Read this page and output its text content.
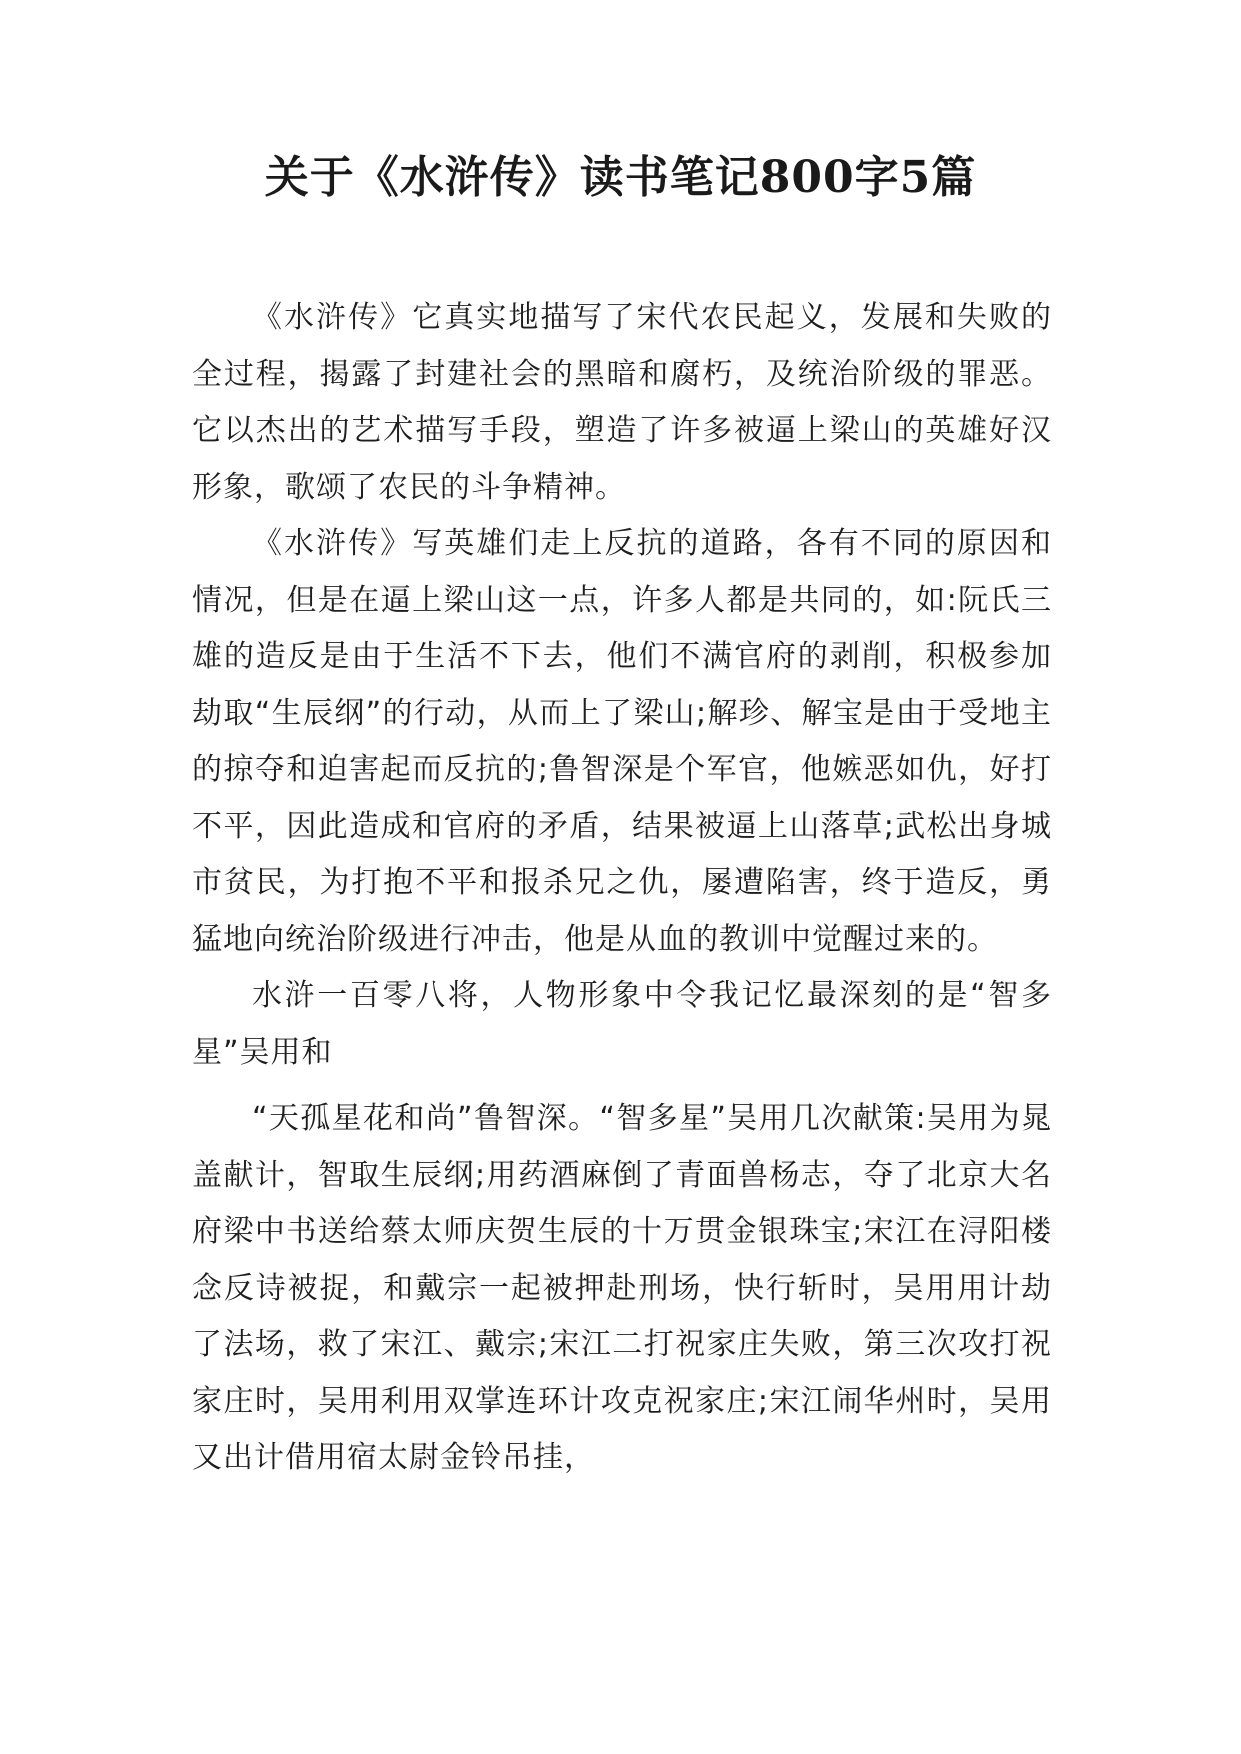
关于《水浒传》读书笔记800字5篇

《水浒传》它真实地描写了宋代农民起义，发展和失败的全过程，揭露了封建社会的黑暗和腐朽，及统治阶级的罪恶。它以杰出的艺术描写手段，塑造了许多被逼上梁山的英雄好汉形象，歌颂了农民的斗争精神。

《水浒传》写英雄们走上反抗的道路，各有不同的原因和情况，但是在逼上梁山这一点，许多人都是共同的，如:阮氏三雄的造反是由于生活不下去，他们不满官府的剥削，积极参加劫取“生辰纲”的行动，从而上了梁山;解珍、解宝是由于受地主的掠夺和迫害起而反抗的;鲁智深是个军官，他嫉恶如仇，好打不平，因此造成和官府的矛盾，结果被逼上山落草;武松出身城市贫民，为打抱不平和报杀兄之仇，屡遭陷害，终于造反，勇猛地向统治阶级进行冲击，他是从血的教训中觉醒过来的。

水浒一百零八将，人物形象中令我记忆最深刻的是“智多星”吴用和

“天孤星花和尚”鲁智深。“智多星”吴用几次献策:吴用为晁盖献计，智取生辰纲;用药酒麻倒了青面兽杨志，夺了北京大名府梁中书送给蔡太师庆贺生辰的十万贯金银珠宝;宋江在浔阳楼念反诗被捉，和戴宗一起被押赴刑场，快行斩时，吴用用计劫了法场，救了宋江、戴宗;宋江二打祝家庄失败，第三次攻打祝家庄时，吴用利用双掌连环计攻克祝家庄;宋江闹华州时，吴用又出计借用宿太尉金铃吊挂，
